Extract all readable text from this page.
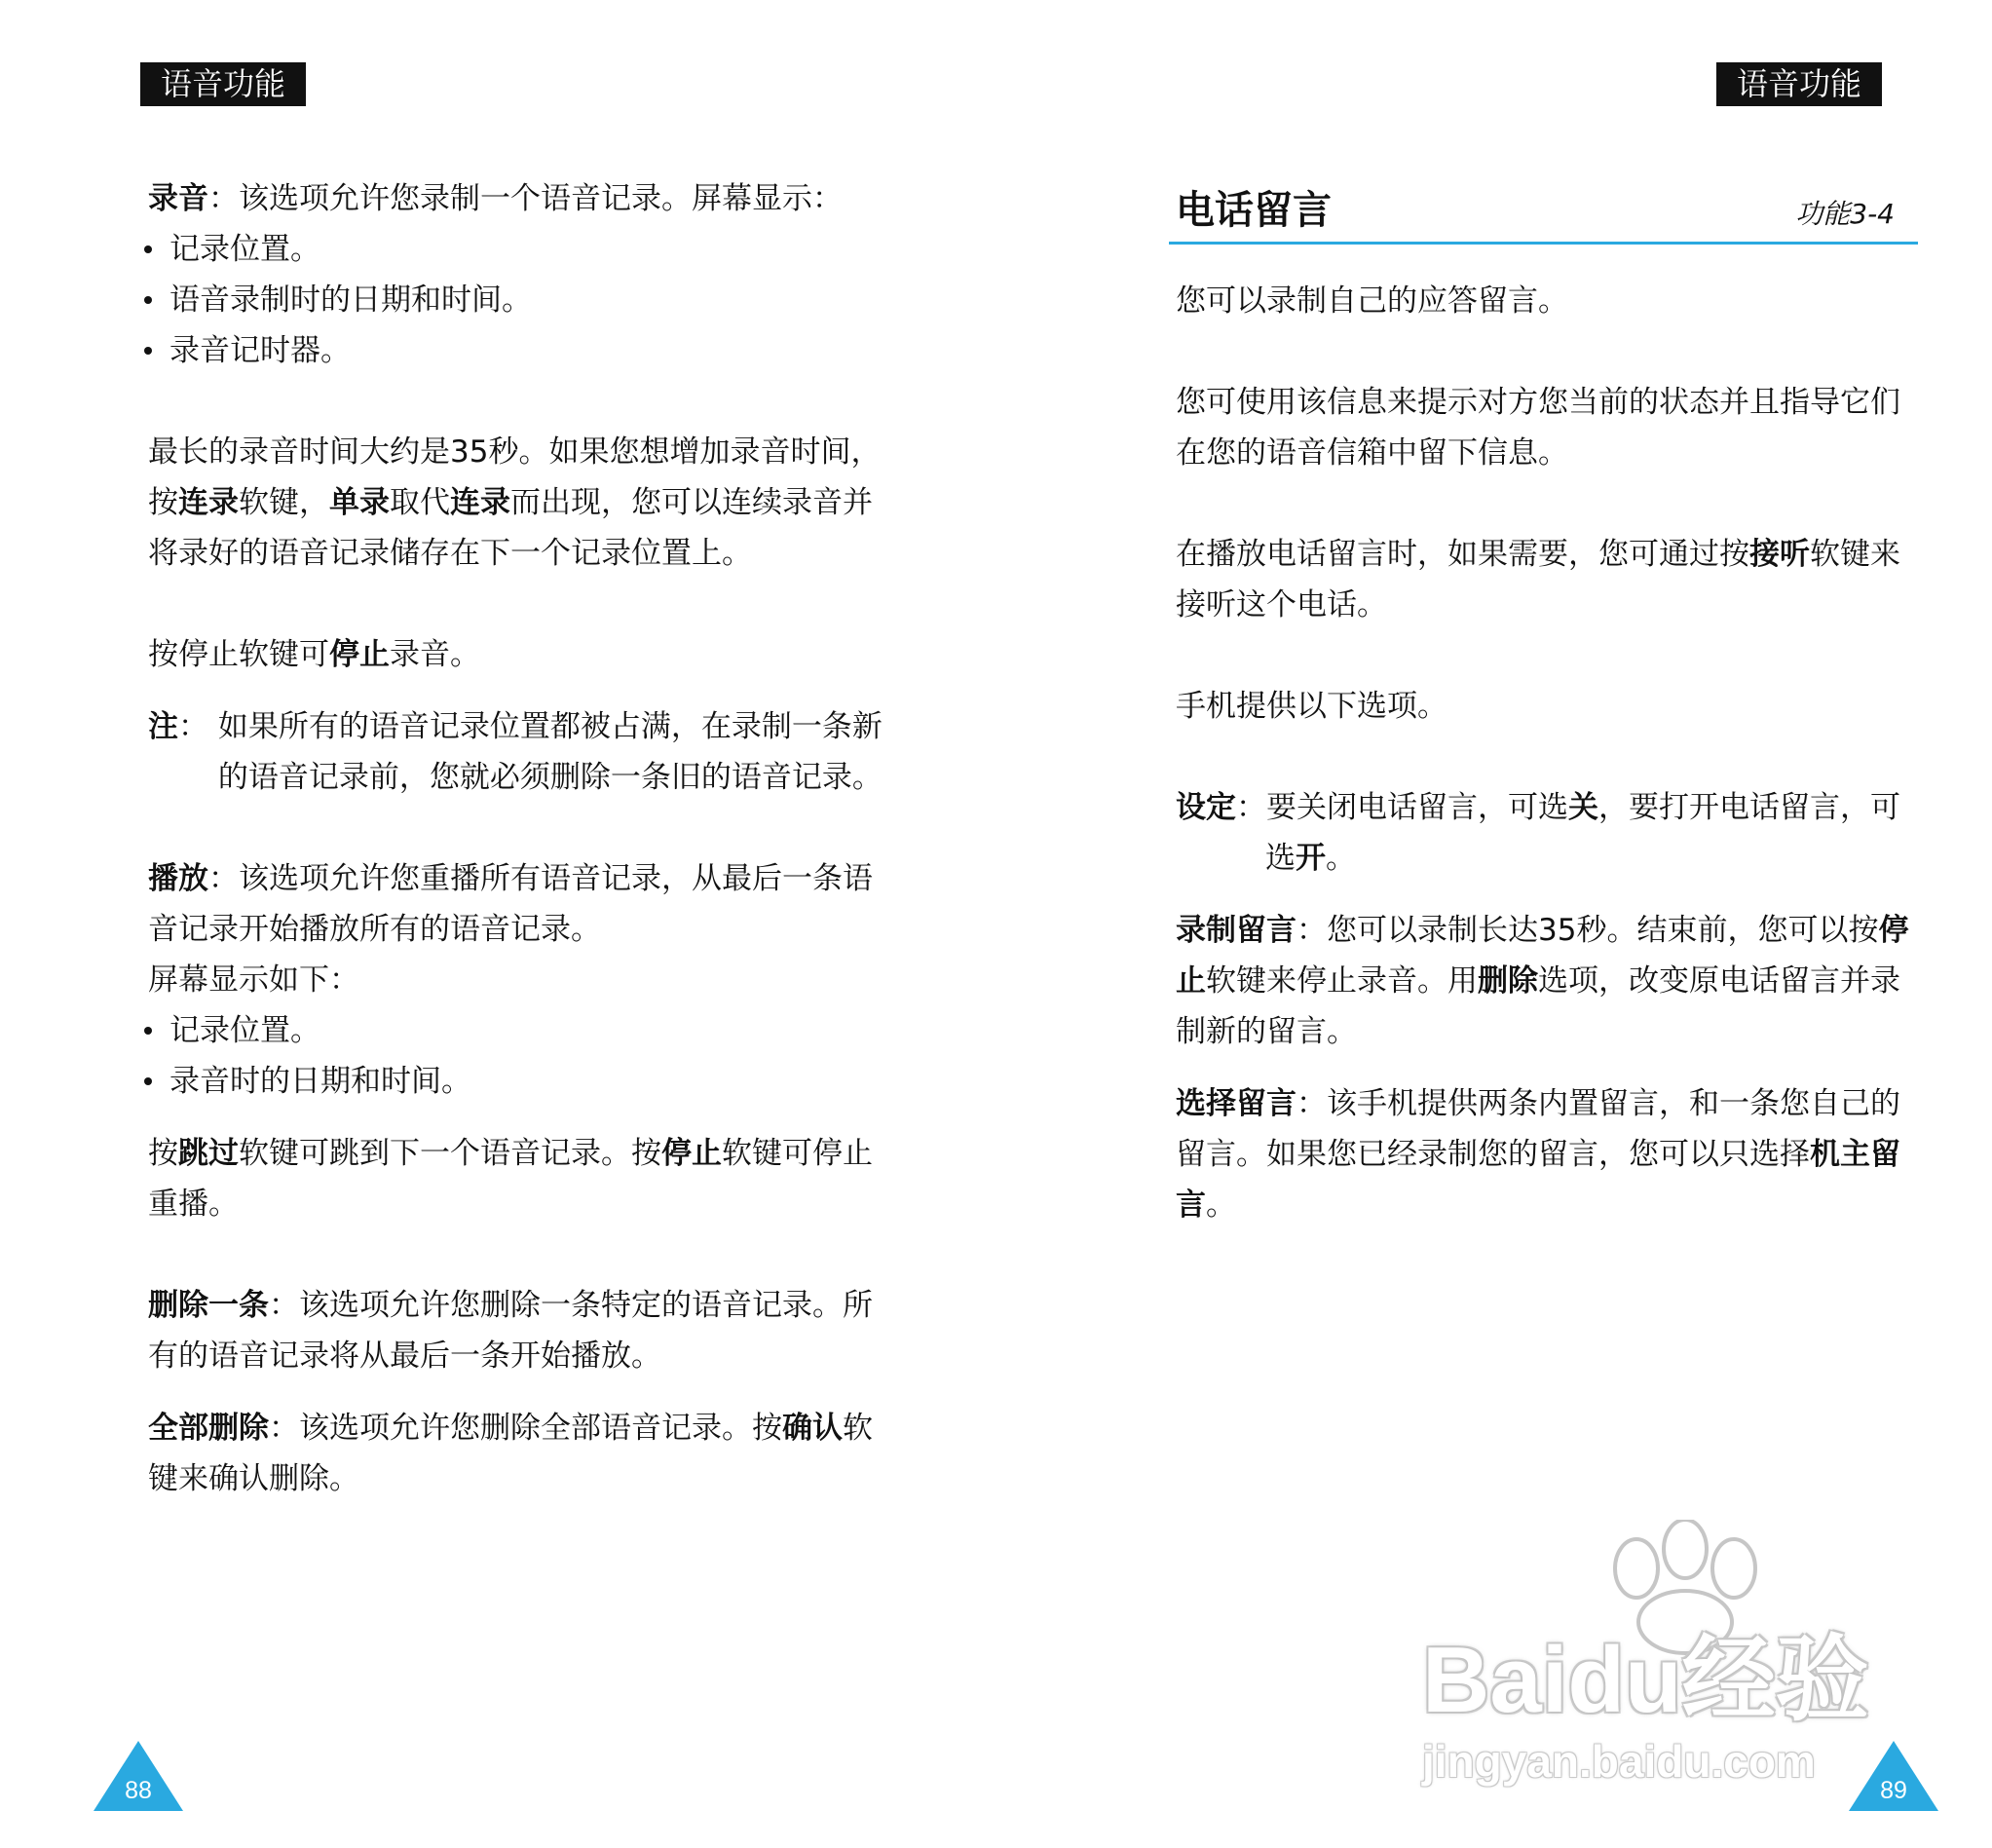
语音功能

录音：该选项允许您录制一个语音记录。屏幕显示：

记录位置。
语音录制时的日期和时间。
录音记时器。

最长的录音时间大约是35秒。如果您想增加录音时间，
按连录软键，单录取代连录而出现，您可以连续录音并将录好的语音记录储存在下一个记录位置上。

按停止软键可停止录音。

注 ： 如果所有的语音记录位置都被占满，在录制一条新的语音记录前，您就必须删除一条旧的语音记录。

播放：该选项允许您重播所有语音记录，从最后一条语音记录开始播放所有的语音记录。

屏幕显示如下：

记录位置。
录音时的日期和时间。

按跳过软键可跳到下一个语音记录。按停止软键可停止重播。

删除一条：该选项允许您删除一条特定的语音记录。所有的语音记录将从最后一条开始播放。

全部删除：该选项允许您删除全部语音记录。按确认软键来确认删除。

88
语音功能
电话留言	功能3-4

您可以录制自己的应答留言。

您可使用该信息来提示对方您当前的状态并且指导它们在您的语音信箱中留下信息。

在播放电话留言时，如果需要，您可通过按接听软键来接听这个电话。

手机提供以下选项。

设定：要关闭电话留言，可选关，要打开电话留言，可选开。

录制留言：您可以录制长达35秒。结束前，您可以按停止软键来停止录音。用删除选项，改变原电话留言并录制新的留言。

选择留言：该手机提供两条内置留言，和一条您自己的留言。如果您已经录制您的留言，您可以只选择机主留言。

89
Baidu经验
jingyan.baidu.com
